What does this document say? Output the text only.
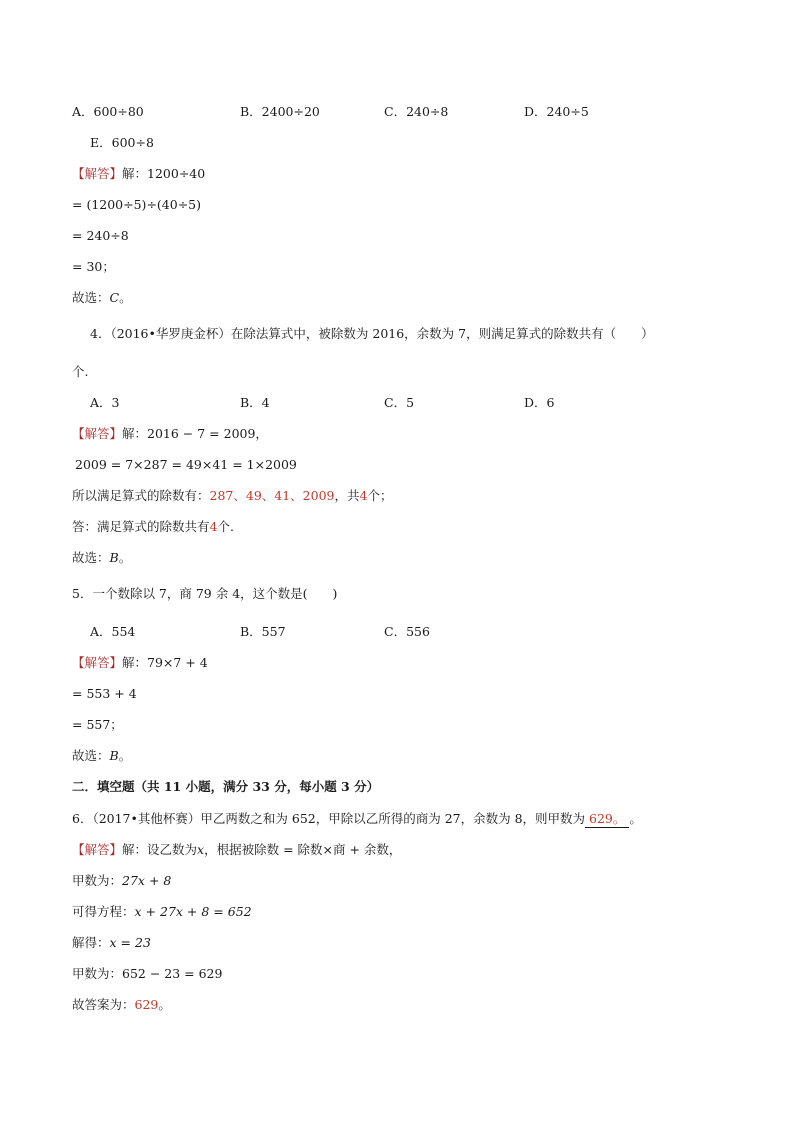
A．600÷80	B．2400÷20	C．240÷8	D．240÷5
E．600÷8
【解答】解：1200÷40
= (1200÷5)÷(40÷5)
= 240÷8
= 30；
故选：C。
4．（2016•华罗庚金杯）在除法算式中，被除数为 2016，余数为 7，则满足算式的除数共有（　　）
个.
A．3	B．4	C．5	D．6
【解答】解：2016 − 7 = 2009，
2009 = 7×287 = 49×41 = 1×2009
所以满足算式的除数有：287、49、41、2009，共4个；
答：满足算式的除数共有4个.
故选：B。
5．一个数除以 7，商 79 余 4，这个数是(　　)
A．554	B．557	C．556
【解答】解：79×7 + 4
= 553 + 4
= 557；
故选：B。
二．填空题（共 11 小题，满分 33 分，每小题 3 分）
6．（2017•其他杯赛）甲乙两数之和为 652，甲除以乙所得的商为 27，余数为 8，则甲数为 629。 。
【解答】解：设乙数为x，根据被除数 = 除数×商 + 余数，
甲数为：27x + 8
可得方程：x + 27x + 8 = 652
解得：x = 23
甲数为：652 − 23 = 629
故答案为：629。
